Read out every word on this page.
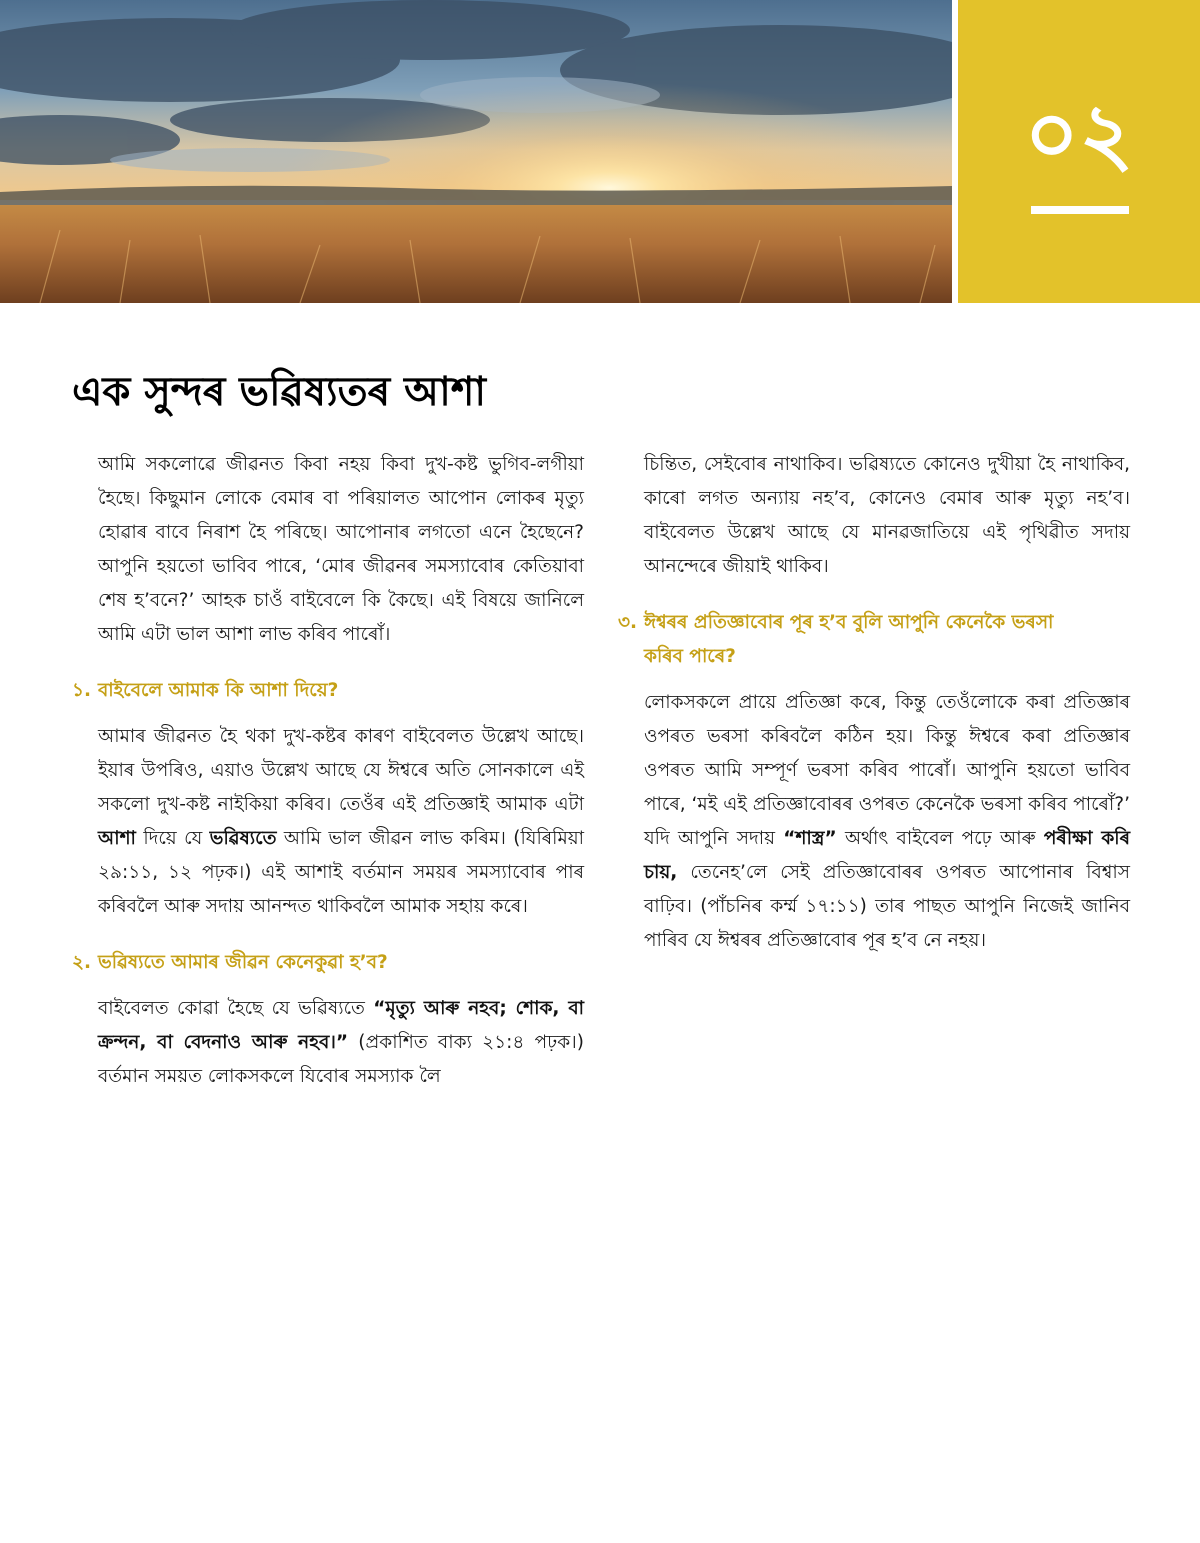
০২
এক সুন্দৰ ভৱিষ্যতৰ আশা

আমি সকলোৱে জীৱনত কিবা নহয় কিবা দুখ-কষ্ট ভুগিব-লগীয়া হৈছে। কিছুমান লোকে বেমাৰ বা পৰিয়ালত আপোন লোকৰ মৃত্যু হোৱাৰ বাবে নিৰাশ হৈ পৰিছে। আপোনাৰ লগতো এনে হৈছেনে? আপুনি হয়তো ভাবিব পাৰে, ‘মোৰ জীৱনৰ সমস্যাবোৰ কেতিয়াবা শেষ হ’বনে?’ আহক চাওঁ বাইবেলে কি কৈছে। এই বিষয়ে জানিলে আমি এটা ভাল আশা লাভ কৰিব পাৰোঁ।

১. বাইবেলে আমাক কি আশা দিয়ে?

আমাৰ জীৱনত হৈ থকা দুখ-কষ্টৰ কাৰণ বাইবেলত উল্লেখ আছে। ইয়াৰ উপৰিও, এয়াও উল্লেখ আছে যে ঈশ্বৰে অতি সোনকালে এই সকলো দুখ-কষ্ট নাইকিয়া কৰিব। তেওঁৰ এই প্ৰতিজ্ঞাই আমাক এটা আশা দিয়ে যে ভৱিষ্যতে আমি ভাল জীৱন লাভ কৰিম। (যিৰিমিয়া ২৯:১১, ১২ পঢ়ক।) এই আশাই বৰ্তমান সময়ৰ সমস্যাবোৰ পাৰ কৰিবলৈ আৰু সদায় আনন্দত থাকিবলৈ আমাক সহায় কৰে।

২. ভৱিষ্যতে আমাৰ জীৱন কেনেকুৱা হ’ব?

বাইবেলত কোৱা হৈছে যে ভৱিষ্যতে “মৃত্যু আৰু নহব; শোক, বা ক্ৰন্দন, বা বেদনাও আৰু নহব।” (প্ৰকাশিত বাক্য ২১:৪ পঢ়ক।) বৰ্তমান সময়ত লোকসকলে যিবোৰ সমস্যাক লৈ

চিন্তিত, সেইবোৰ নাথাকিব। ভৱিষ্যতে কোনেও দুখীয়া হৈ নাথাকিব, কাৰো লগত অন্যায় নহ’ব, কোনেও বেমাৰ আৰু মৃত্যু নহ’ব। বাইবেলত উল্লেখ আছে যে মানৱজাতিয়ে এই পৃথিৱীত সদায় আনন্দেৰে জীয়াই থাকিব।

৩. ঈশ্বৰৰ প্ৰতিজ্ঞাবোৰ পূৰ হ’ব বুলি আপুনি কেনেকৈ ভৰসা কৰিব পাৰে?

লোকসকলে প্ৰায়ে প্ৰতিজ্ঞা কৰে, কিন্তু তেওঁলোকে কৰা প্ৰতিজ্ঞাৰ ওপৰত ভৰসা কৰিবলৈ কঠিন হয়। কিন্তু ঈশ্বৰে কৰা প্ৰতিজ্ঞাৰ ওপৰত আমি সম্পূৰ্ণ ভৰসা কৰিব পাৰোঁ। আপুনি হয়তো ভাবিব পাৰে, ‘মই এই প্ৰতিজ্ঞাবোৰৰ ওপৰত কেনেকৈ ভৰসা কৰিব পাৰোঁ?’ যদি আপুনি সদায় “শাস্ত্ৰ” অৰ্থাৎ বাইবেল পঢ়ে আৰু পৰীক্ষা কৰি চায়, তেনেহ’লে সেই প্ৰতিজ্ঞাবোৰৰ ওপৰত আপোনাৰ বিশ্বাস বাঢ়িব। (পাঁচনিৰ কৰ্ম্ম ১৭:১১) তাৰ পাছত আপুনি নিজেই জানিব পাৰিব যে ঈশ্বৰৰ প্ৰতিজ্ঞাবোৰ পূৰ হ’ব নে নহয়।
